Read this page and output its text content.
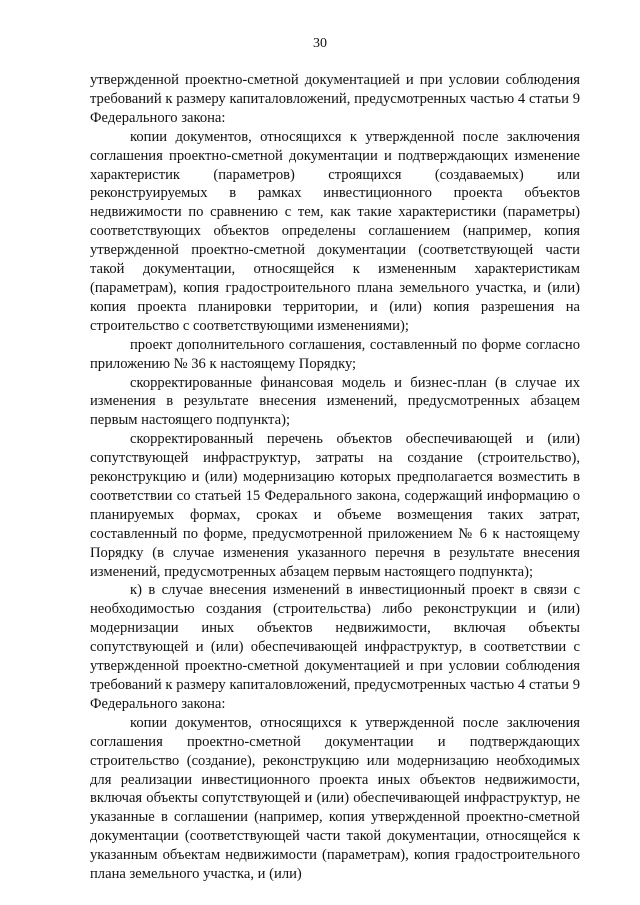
30

утвержденной проектно-сметной документацией и при условии соблюдения требований к размеру капиталовложений, предусмотренных частью 4 статьи 9 Федерального закона:

копии документов, относящихся к утвержденной после заключения соглашения проектно-сметной документации и подтверждающих изменение характеристик (параметров) строящихся (создаваемых) или реконструируемых в рамках инвестиционного проекта объектов недвижимости по сравнению с тем, как такие характеристики (параметры) соответствующих объектов определены соглашением (например, копия утвержденной проектно-сметной документации (соответствующей части такой документации, относящейся к измененным характеристикам (параметрам), копия градостроительного плана земельного участка, и (или) копия проекта планировки территории, и (или) копия разрешения на строительство с соответствующими изменениями);

проект дополнительного соглашения, составленный по форме согласно приложению № 36 к настоящему Порядку;

скорректированные финансовая модель и бизнес-план (в случае их изменения в результате внесения изменений, предусмотренных абзацем первым настоящего подпункта);

скорректированный перечень объектов обеспечивающей и (или) сопутствующей инфраструктур, затраты на создание (строительство), реконструкцию и (или) модернизацию которых предполагается возместить в соответствии со статьей 15 Федерального закона, содержащий информацию о планируемых формах, сроках и объеме возмещения таких затрат, составленный по форме, предусмотренной приложением № 6 к настоящему Порядку (в случае изменения указанного перечня в результате внесения изменений, предусмотренных абзацем первым настоящего подпункта);

к) в случае внесения изменений в инвестиционный проект в связи с необходимостью создания (строительства) либо реконструкции и (или) модернизации иных объектов недвижимости, включая объекты сопутствующей и (или) обеспечивающей инфраструктур, в соответствии с утвержденной проектно-сметной документацией и при условии соблюдения требований к размеру капиталовложений, предусмотренных частью 4 статьи 9 Федерального закона:

копии документов, относящихся к утвержденной после заключения соглашения проектно-сметной документации и подтверждающих строительство (создание), реконструкцию или модернизацию необходимых для реализации инвестиционного проекта иных объектов недвижимости, включая объекты сопутствующей и (или) обеспечивающей инфраструктур, не указанные в соглашении (например, копия утвержденной проектно-сметной документации (соответствующей части такой документации, относящейся к указанным объектам недвижимости (параметрам), копия градостроительного плана земельного участка, и (или)
